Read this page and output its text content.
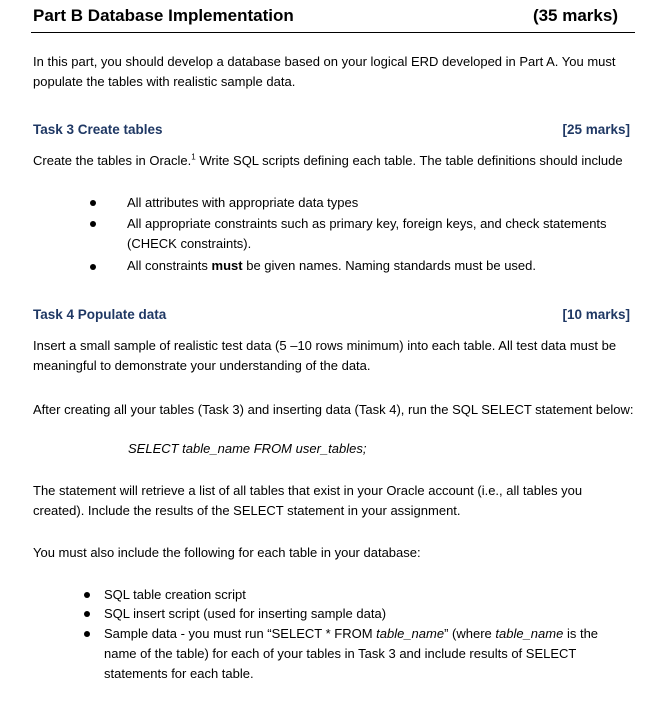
Part B Database Implementation	(35 marks)
In this part, you should develop a database based on your logical ERD developed in Part A. You must
populate the tables with realistic sample data.
Task 3 Create tables	[25 marks]
Create the tables in Oracle.$^1$ Write SQL scripts defining each table. The table definitions should include
All attributes with appropriate data types
All appropriate constraints such as primary key, foreign keys, and check statements
(CHECK constraints).
All constraints must be given names. Naming standards must be used.
Task 4 Populate data	[10 marks]
Insert a small sample of realistic test data (5 –10 rows minimum) into each table. All test data must be
meaningful to demonstrate your understanding of the data.
After creating all your tables (Task 3) and inserting data (Task 4), run the SQL SELECT statement below:
SELECT table_name FROM user_tables;
The statement will retrieve a list of all tables that exist in your Oracle account (i.e., all tables you
created). Include the results of the SELECT statement in your assignment.
You must also include the following for each table in your database:
SQL table creation script
SQL insert script (used for inserting sample data)
Sample data - you must run “SELECT * FROM table_name” (where table_name is the
name of the table) for each of your tables in Task 3 and include results of SELECT
statements for each table.
